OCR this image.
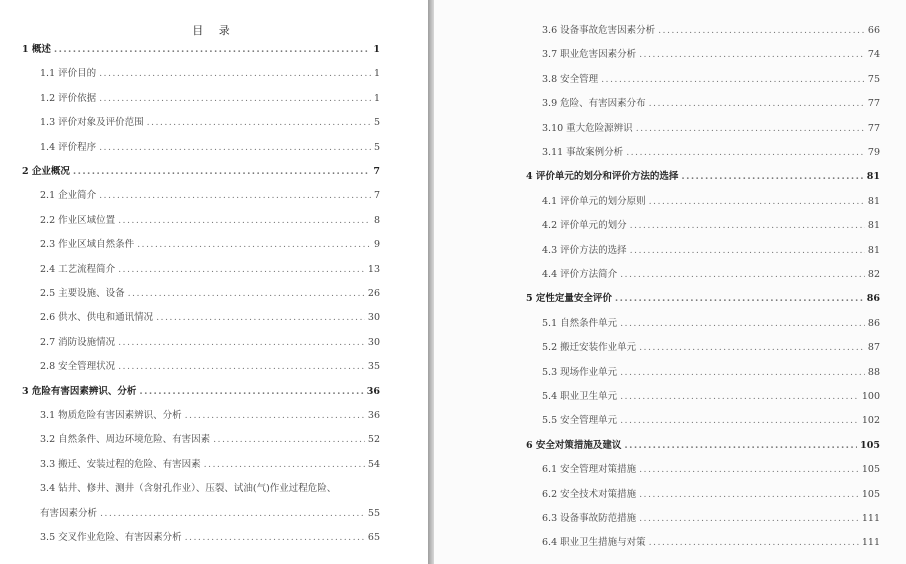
目 录
1 概述 .....	1
1.1 评价目的 .....	1
1.2 评价依据 .....	1
1.3 评价对象及评价范围 .....	5
1.4 评价程序 .....	5
2 企业概况 .....	7
2.1 企业简介 .....	7
2.2 作业区域位置 .....	8
2.3 作业区域自然条件 .....	9
2.4 工艺流程简介 .....	13
2.5 主要设施、设备 .....	26
2.6 供水、供电和通讯情况 .....	30
2.7 消防设施情况 .....	30
2.8 安全管理状况 .....	35
3 危险有害因素辨识、分析 .....	36
3.1 物质危险有害因素辨识、分析 .....	36
3.2 自然条件、周边环境危险、有害因素 .....	52
3.3 搬迁、安装过程的危险、有害因素 .....	54
3.4 钻井、修井、测井（含射孔作业）、压裂、试油(气)作业过程危险、
有害因素分析 .....	55
3.5 交叉作业危险、有害因素分析 .....	65
3.6 设备事故危害因素分析 .....	66
3.7 职业危害因素分析 .....	74
3.8 安全管理 .....	75
3.9 危险、有害因素分布 .....	77
3.10 重大危险源辨识 .....	77
3.11 事故案例分析 .....	79
4 评价单元的划分和评价方法的选择 .....	81
4.1 评价单元的划分原则 .....	81
4.2 评价单元的划分 .....	81
4.3 评价方法的选择 .....	81
4.4 评价方法简介 .....	82
5 定性定量安全评价 .....	86
5.1 自然条件单元 .....	86
5.2 搬迁安装作业单元 .....	87
5.3 现场作业单元 .....	88
5.4 职业卫生单元 .....	100
5.5 安全管理单元 .....	102
6 安全对策措施及建议 .....	105
6.1 安全管理对策措施 .....	105
6.2 安全技术对策措施 .....	105
6.3 设备事故防范措施 .....	111
6.4 职业卫生措施与对策 .....	111
